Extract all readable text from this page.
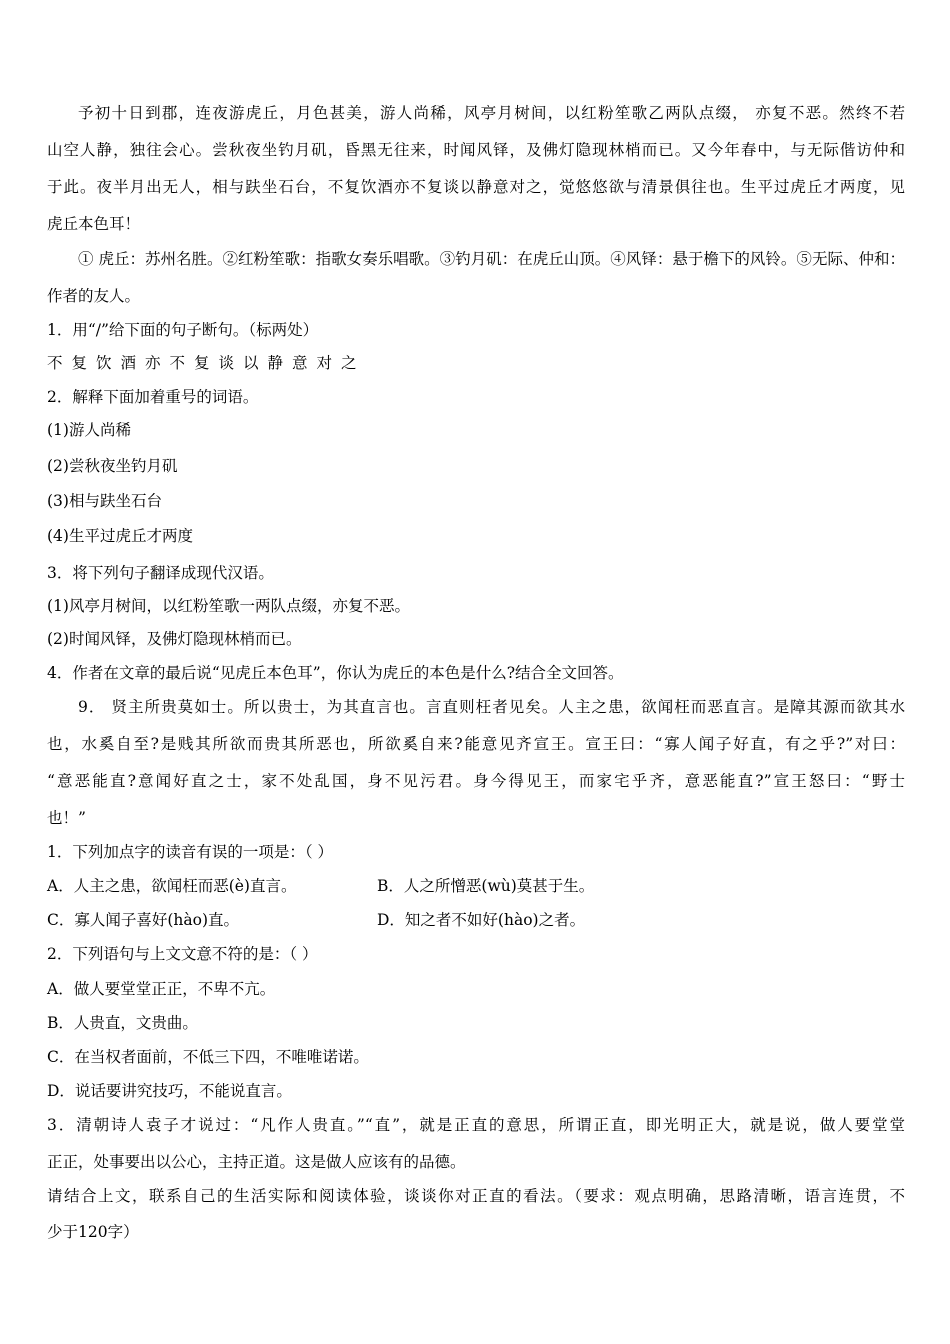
予初十日到郡，连夜游虎丘，月色甚美，游人尚稀，风亭月树间，以红粉笙歌乙两队点缀， 亦复不恶。然终不若
山空人静，独往会心。尝秋夜坐钓月矶，昏黑无往来，时闻风铎，及佛灯隐现林梢而已。又今年春中，与无际偕访仲和
于此。夜半月出无人，相与趺坐石台，不复饮酒亦不复谈以静意对之，觉悠悠欲与清景俱往也。生平过虎丘才两度，见
虎丘本色耳！
① 虎丘：苏州名胜。②红粉笙歌：指歌女奏乐唱歌。③钓月矶：在虎丘山顶。④风铎：悬于檐下的风铃。⑤无际、仲和：
作者的友人。
1．用“/”给下面的句子断句。（标两处）
不复饮酒亦不复谈以静意对之
2．解释下面加着重号的词语。
(1)游人尚稀
(2)尝秋夜坐钓月矶
(3)相与趺坐石台
(4)生平过虎丘才两度
3．将下列句子翻译成现代汉语。
(1)风亭月树间，以红粉笙歌一两队点缀，亦复不恶。
(2)时闻风铎，及佛灯隐现林梢而已。
4．作者在文章的最后说“见虎丘本色耳”，你认为虎丘的本色是什么?结合全文回答。
9． 贤主所贵莫如士。所以贵士，为其直言也。言直则枉者见矣。人主之患，欲闻枉而恶直言。是障其源而欲其水
也，水奚自至?是贱其所欲而贵其所恶也，所欲奚自来?能意见齐宣王。宣王曰：“寡人闻子好直，有之乎?”对曰：
“意恶能直?意闻好直之士，家不处乱国，身不见污君。身今得见王，而家宅乎齐，意恶能直?”宣王怒曰：“野士
也！”
1．下列加点字的读音有误的一项是：（ ）
A．人主之患，欲闻枉而恶(è)直言。	B．人之所憎恶(wù)莫甚于生。
C．寡人闻子喜好(hào)直。	D．知之者不如好(hào)之者。
2．下列语句与上文文意不符的是：（ ）
A．做人要堂堂正正，不卑不亢。
B．人贵直，文贵曲。
C．在当权者面前，不低三下四，不唯唯诺诺。
D．说话要讲究技巧，不能说直言。
3．清朝诗人袁子才说过：“凡作人贵直。”“直”，就是正直的意思，所谓正直，即光明正大，就是说，做人要堂堂
正正，处事要出以公心，主持正道。这是做人应该有的品德。
请结合上文，联系自己的生活实际和阅读体验，谈谈你对正直的看法。（要求：观点明确，思路清晰，语言连贯，不
少于120字）
